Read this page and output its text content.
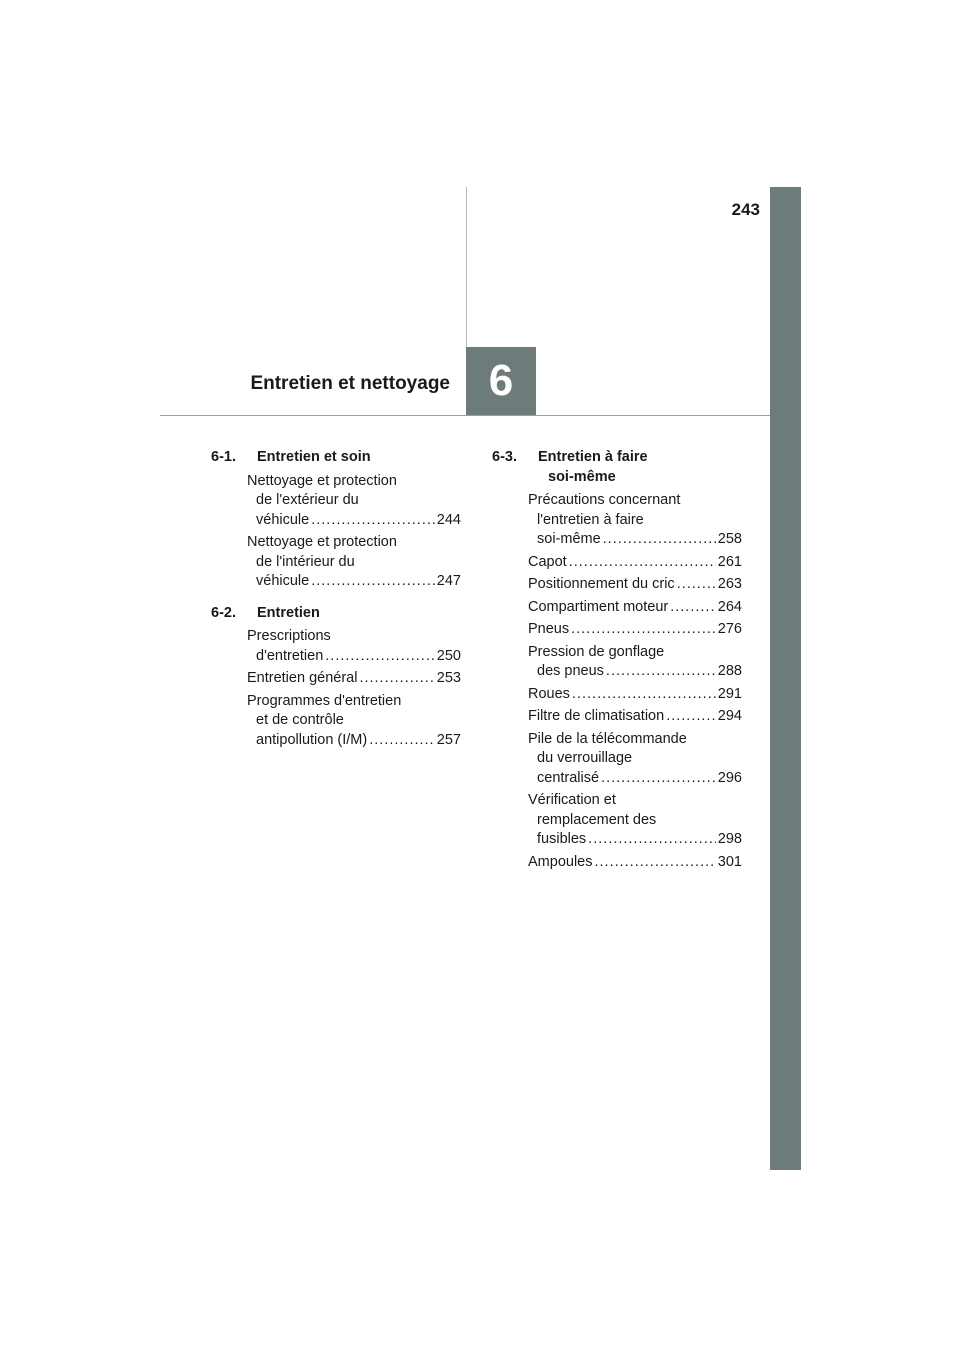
243
6
Entretien et nettoyage
6-1.	Entretien et soin
Nettoyage et protection
de l'extérieur du
véhicule .....	244
Nettoyage et protection
de l'intérieur du
véhicule .....	247
6-2.	Entretien
Prescriptions
d'entretien .....	250
Entretien général .....	253
Programmes d'entretien
et de contrôle
antipollution (I/M) .....	257
6-3.	Entretien à faire
soi-même
Précautions concernant
l'entretien à faire
soi-même .....	258
Capot .....	261
Positionnement du cric .....	263
Compartiment moteur .....	264
Pneus .....	276
Pression de gonflage
des pneus .....	288
Roues .....	291
Filtre de climatisation .....	294
Pile de la télécommande
du verrouillage
centralisé .....	296
Vérification et
remplacement des
fusibles .....	298
Ampoules .....	301
